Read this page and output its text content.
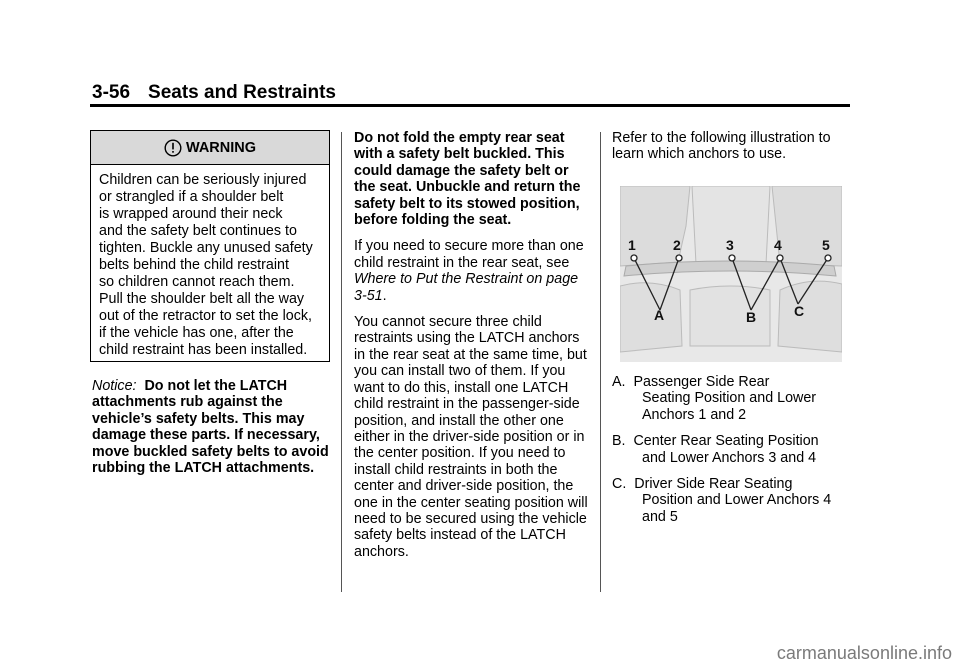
3-56 Seats and Restraints
WARNING
Children can be seriously injured
or strangled if a shoulder belt
is wrapped around their neck
and the safety belt continues to
tighten. Buckle any unused safety
belts behind the child restraint
so children cannot reach them.
Pull the shoulder belt all the way
out of the retractor to set the lock,
if the vehicle has one, after the
child restraint has been installed.
Notice: Do not let the LATCH attachments rub against the vehicle’s safety belts. This may damage these parts. If necessary, move buckled safety belts to avoid rubbing the LATCH attachments.

Do not fold the empty rear seat with a safety belt buckled. This could damage the safety belt or the seat. Unbuckle and return the safety belt to its stowed position, before folding the seat.

If you need to secure more than one child restraint in the rear seat, see Where to Put the Restraint on page 3-51.

You cannot secure three child restraints using the LATCH anchors in the rear seat at the same time, but you can install two of them. If you want to do this, install one LATCH child restraint in the passenger-side position, and install the other one either in the driver-side position or in the center position. If you need to install child restraints in both the center and driver-side position, the one in the center seating position will need to be secured using the vehicle safety belts instead of the LATCH anchors.

Refer to the following illustration to learn which anchors to use.

1	2	3	4	5
A	B	C
A. Passenger Side Rear
Seating Position and Lower Anchors 1 and 2
B. Center Rear Seating Position
and Lower Anchors 3 and 4
C. Driver Side Rear Seating
Position and Lower Anchors 4 and 5
carmanualsonline.info
